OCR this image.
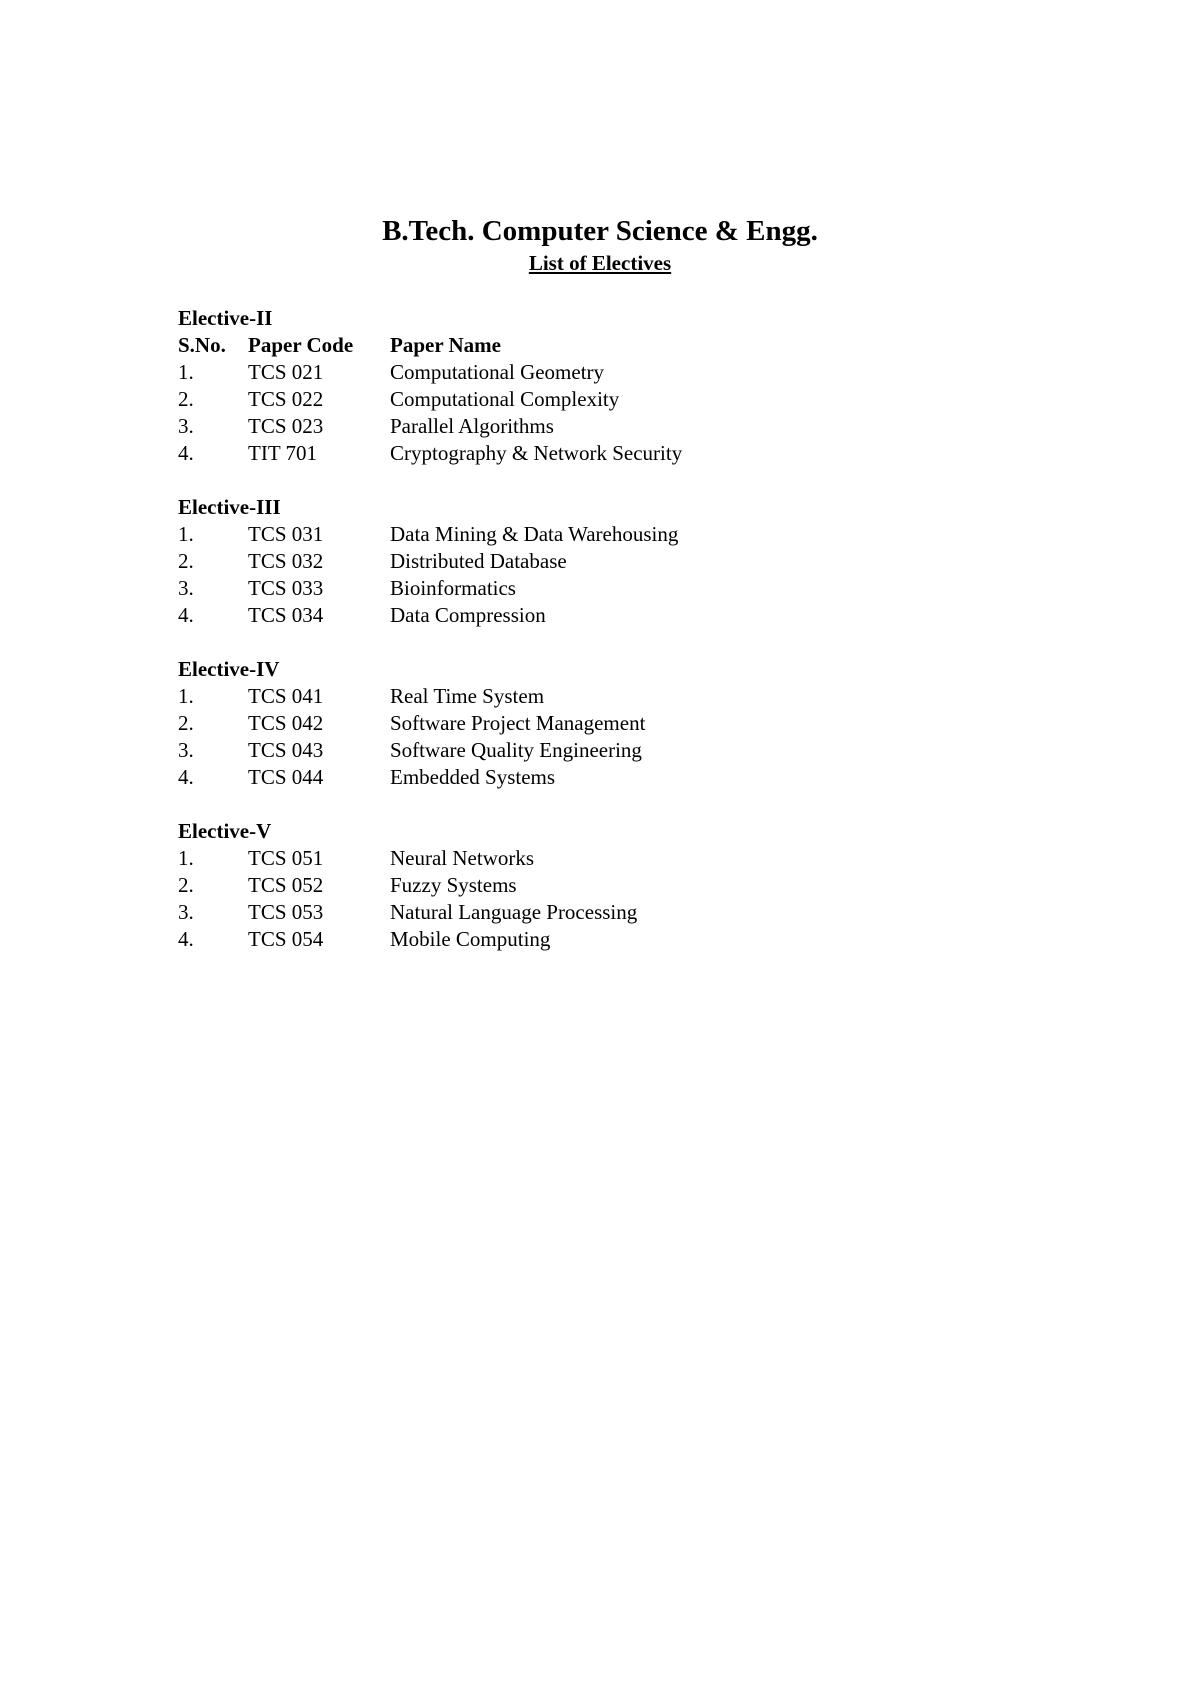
B.Tech. Computer Science & Engg.
List of Electives
Elective-II
S.No.	Paper Code	Paper Name
1.	TCS 021	Computational Geometry
2.	TCS 022	Computational Complexity
3.	TCS 023	Parallel Algorithms
4.	TIT 701	Cryptography & Network Security
Elective-III
1.	TCS 031	Data Mining & Data Warehousing
2.	TCS 032	Distributed Database
3.	TCS 033	Bioinformatics
4.	TCS 034	Data Compression
Elective-IV
1.	TCS 041	Real Time System
2.	TCS 042	Software Project Management
3.	TCS 043	Software Quality Engineering
4.	TCS 044	Embedded Systems
Elective-V
1.	TCS 051	Neural Networks
2.	TCS 052	Fuzzy Systems
3.	TCS 053	Natural Language Processing
4.	TCS 054	Mobile Computing
